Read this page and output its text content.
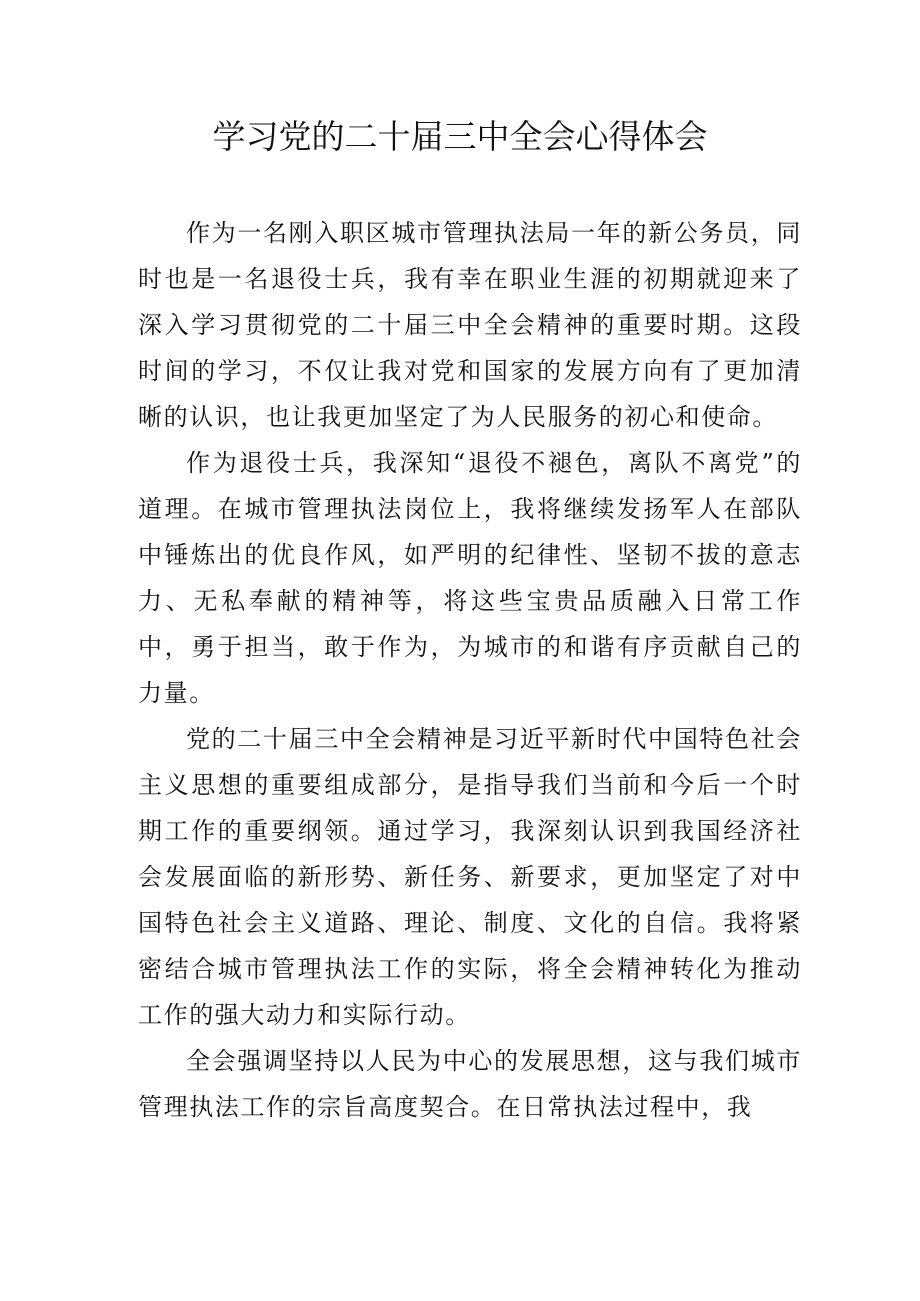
学习党的二十届三中全会心得体会

作为一名刚入职区城市管理执法局一年的新公务员，同时也是一名退役士兵，我有幸在职业生涯的初期就迎来了深入学习贯彻党的二十届三中全会精神的重要时期。这段时间的学习，不仅让我对党和国家的发展方向有了更加清晰的认识，也让我更加坚定了为人民服务的初心和使命。

作为退役士兵，我深知“退役不褪色，离队不离党”的道理。在城市管理执法岗位上，我将继续发扬军人在部队中锤炼出的优良作风，如严明的纪律性、坚韧不拔的意志力、无私奉献的精神等，将这些宝贵品质融入日常工作中，勇于担当，敢于作为，为城市的和谐有序贡献自己的力量。

党的二十届三中全会精神是习近平新时代中国特色社会主义思想的重要组成部分，是指导我们当前和今后一个时期工作的重要纲领。通过学习，我深刻认识到我国经济社会发展面临的新形势、新任务、新要求，更加坚定了对中国特色社会主义道路、理论、制度、文化的自信。我将紧密结合城市管理执法工作的实际，将全会精神转化为推动工作的强大动力和实际行动。

全会强调坚持以人民为中心的发展思想，这与我们城市管理执法工作的宗旨高度契合。在日常执法过程中，我
